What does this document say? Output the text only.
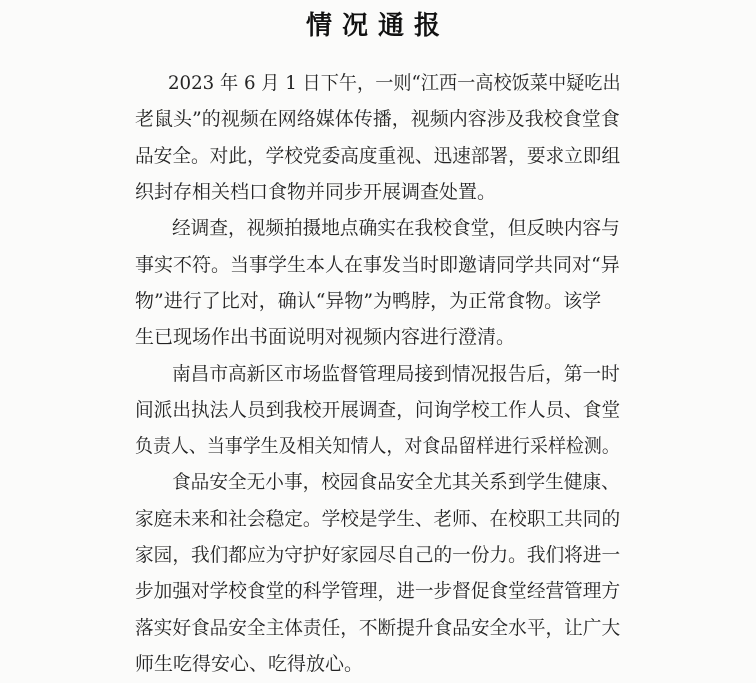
情况通报
2023 年 6 月 1 日下午，一则“江西一高校饭菜中疑吃出
老鼠头”的视频在网络媒体传播，视频内容涉及我校食堂食
品安全。对此，学校党委高度重视、迅速部署，要求立即组
织封存相关档口食物并同步开展调查处置。
经调查，视频拍摄地点确实在我校食堂，但反映内容与
事实不符。当事学生本人在事发当时即邀请同学共同对“异
物”进行了比对，确认“异物”为鸭脖，为正常食物。该学
生已现场作出书面说明对视频内容进行澄清。
南昌市高新区市场监督管理局接到情况报告后，第一时
间派出执法人员到我校开展调查，问询学校工作人员、食堂
负责人、当事学生及相关知情人，对食品留样进行采样检测。
食品安全无小事，校园食品安全尤其关系到学生健康、
家庭未来和社会稳定。学校是学生、老师、在校职工共同的
家园，我们都应为守护好家园尽自己的一份力。我们将进一
步加强对学校食堂的科学管理，进一步督促食堂经营管理方
落实好食品安全主体责任，不断提升食品安全水平，让广大
师生吃得安心、吃得放心。
